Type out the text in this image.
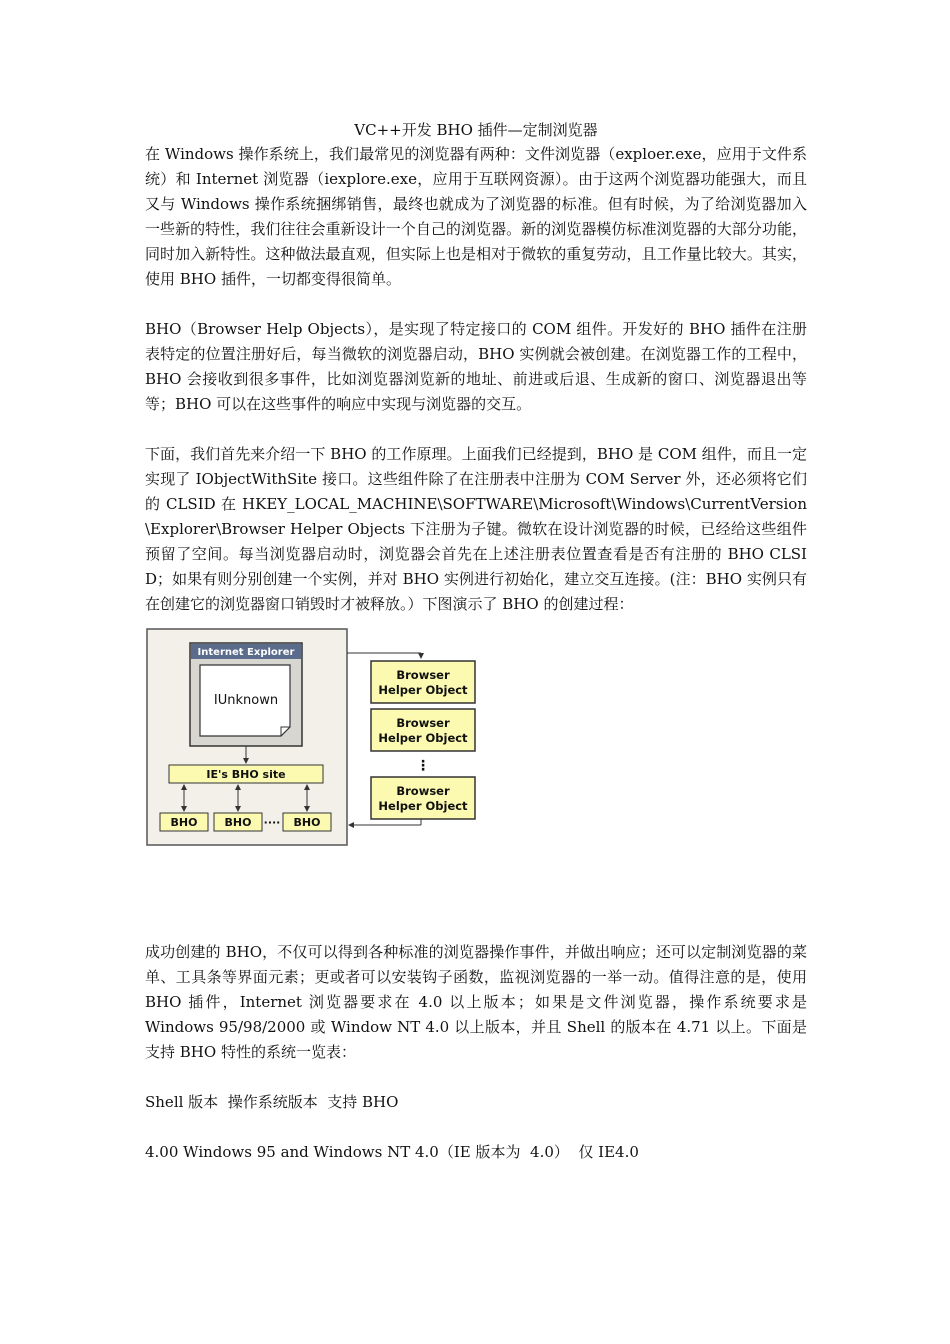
VC++开发 BHO 插件—定制浏览器

在 Windows 操作系统上，我们最常见的浏览器有两种：文件浏览器（exploer.exe，应用于文件系统）和 Internet 浏览器（iexplore.exe，应用于互联网资源）。由于这两个浏览器功能强大，而且又与 Windows 操作系统捆绑销售，最终也就成为了浏览器的标准。但有时候，为了给浏览器加入一些新的特性，我们往往会重新设计一个自己的浏览器。新的浏览器模仿标准浏览器的大部分功能，同时加入新特性。这种做法最直观，但实际上也是相对于微软的重复劳动，且工作量比较大。其实，使用 BHO 插件，一切都变得很简单。

BHO（Browser Help Objects），是实现了特定接口的 COM 组件。开发好的 BHO 插件在注册表特定的位置注册好后，每当微软的浏览器启动，BHO 实例就会被创建。在浏览器工作的工程中，BHO 会接收到很多事件，比如浏览器浏览新的地址、前进或后退、生成新的窗口、浏览器退出等等；BHO 可以在这些事件的响应中实现与浏览器的交互。

下面，我们首先来介绍一下 BHO 的工作原理。上面我们已经提到，BHO 是 COM 组件，而且一定实现了 IObjectWithSite 接口。这些组件除了在注册表中注册为 COM Server 外，还必须将它们的 CLSID 在 HKEY_LOCAL_MACHINE\SOFTWARE\Microsoft\Windows\CurrentVersion\Explorer\Browser Helper Objects 下注册为子键。微软在设计浏览器的时候，已经给这些组件预留了空间。每当浏览器启动时，浏览器会首先在上述注册表位置查看是否有注册的 BHO CLSID；如果有则分别创建一个实例，并对 BHO 实例进行初始化，建立交互连接。(注：BHO 实例只有在创建它的浏览器窗口销毁时才被释放。）下图演示了 BHO 的创建过程：

Internet Explorer
IUnknown
IE's BHO site
BHO BHO ···· BHO
Browser
Helper Object
Browser
Helper Object
⋮
Browser
Helper Object

成功创建的 BHO，不仅可以得到各种标准的浏览器操作事件，并做出响应；还可以定制浏览器的菜单、工具条等界面元素；更或者可以安装钩子函数，监视浏览器的一举一动。值得注意的是，使用 BHO 插件，Internet 浏览器要求在 4.0 以上版本；如果是文件浏览器，操作系统要求是 Windows 95/98/2000 或 Window NT 4.0 以上版本，并且 Shell 的版本在 4.71 以上。下面是支持 BHO 特性的系统一览表：

Shell 版本  操作系统版本  支持 BHO

4.00 Windows 95 and Windows NT 4.0（IE 版本为  4.0）  仅 IE4.0
